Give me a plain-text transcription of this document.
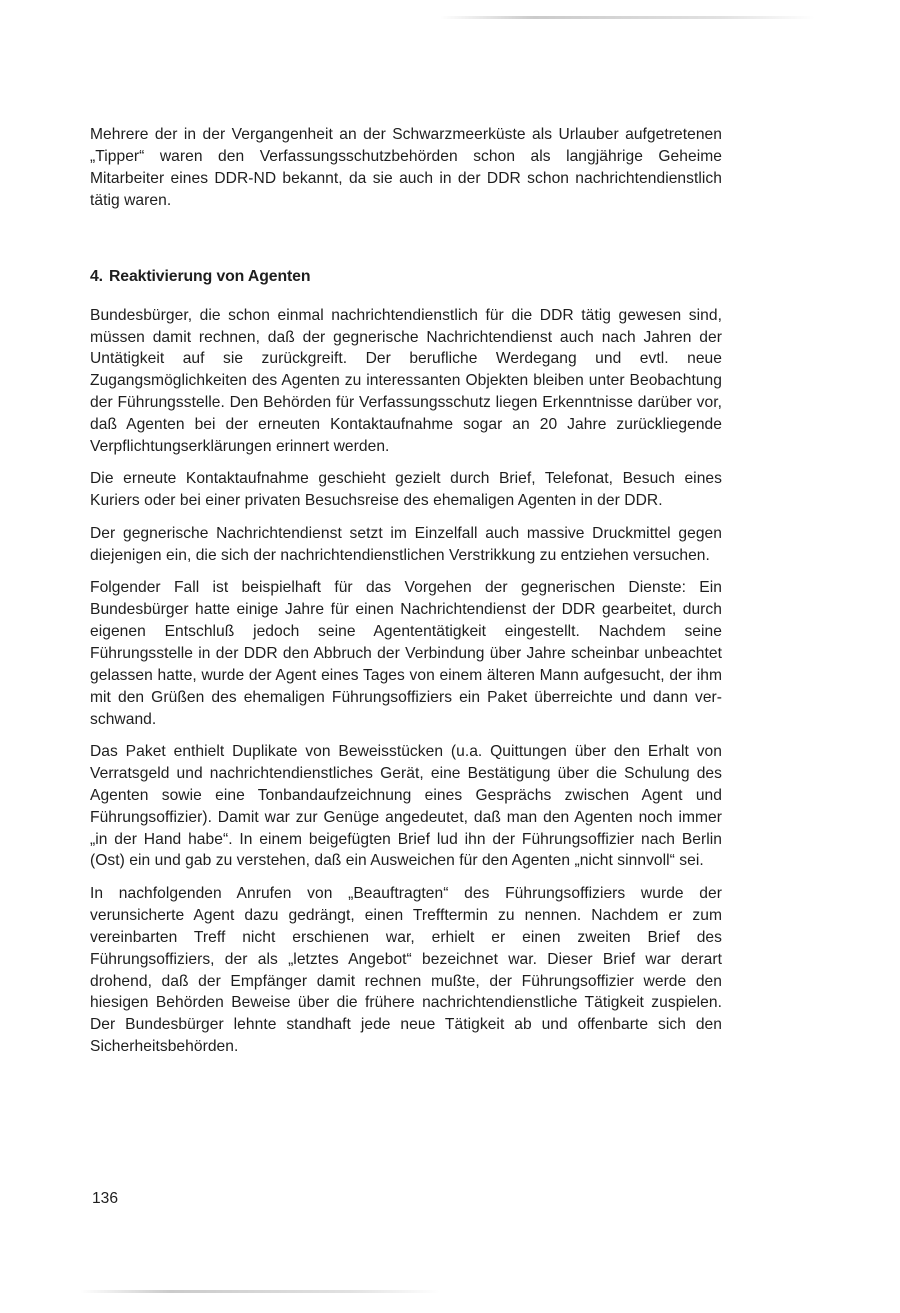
Mehrere der in der Vergangenheit an der Schwarzmeerküste als Urlauber aufgetretenen „Tipper“ waren den Verfassungsschutzbehörden schon als langjährige Geheime Mitarbeiter eines DDR-ND bekannt, da sie auch in der DDR schon nachrichtendienstlich tätig waren.

4. Reaktivierung von Agenten

Bundesbürger, die schon einmal nachrichtendienstlich für die DDR tätig gewesen sind, müssen damit rechnen, daß der gegnerische Nachrichtendienst auch nach Jahren der Untätigkeit auf sie zurückgreift. Der berufliche Werdegang und evtl. neue Zugangsmöglichkeiten des Agenten zu interessanten Objekten bleiben unter Beobachtung der Führungsstelle. Den Behörden für Verfassungsschutz liegen Erkenntnisse darüber vor, daß Agenten bei der erneuten Kontaktaufnahme sogar an 20 Jahre zurückliegende Verpflichtungserklärungen erinnert werden.

Die erneute Kontaktaufnahme geschieht gezielt durch Brief, Telefonat, Besuch eines Kuriers oder bei einer privaten Besuchsreise des ehemaligen Agenten in der DDR.

Der gegnerische Nachrichtendienst setzt im Einzelfall auch massive Druckmittel gegen diejenigen ein, die sich der nachrichtendienstlichen Verstrikkung zu entziehen versuchen.

Folgender Fall ist beispielhaft für das Vorgehen der gegnerischen Dienste: Ein Bundesbürger hatte einige Jahre für einen Nachrichtendienst der DDR gearbeitet, durch eigenen Entschluß jedoch seine Agententätigkeit eingestellt. Nachdem seine Führungsstelle in der DDR den Abbruch der Verbindung über Jahre scheinbar unbeachtet gelassen hatte, wurde der Agent eines Tages von einem älteren Mann aufgesucht, der ihm mit den Grüßen des ehemaligen Führungsoffiziers ein Paket überreichte und dann verschwand.

Das Paket enthielt Duplikate von Beweisstücken (u.a. Quittungen über den Erhalt von Verratsgeld und nachrichtendienstliches Gerät, eine Bestätigung über die Schulung des Agenten sowie eine Tonbandaufzeichnung eines Gesprächs zwischen Agent und Führungsoffizier). Damit war zur Genüge angedeutet, daß man den Agenten noch immer „in der Hand habe“. In einem beigefügten Brief lud ihn der Führungsoffizier nach Berlin (Ost) ein und gab zu verstehen, daß ein Ausweichen für den Agenten „nicht sinnvoll“ sei.

In nachfolgenden Anrufen von „Beauftragten“ des Führungsoffiziers wurde der verunsicherte Agent dazu gedrängt, einen Trefftermin zu nennen. Nachdem er zum vereinbarten Treff nicht erschienen war, erhielt er einen zweiten Brief des Führungsoffiziers, der als „letztes Angebot“ bezeichnet war. Dieser Brief war derart drohend, daß der Empfänger damit rechnen mußte, der Führungsoffizier werde den hiesigen Behörden Beweise über die frühere nachrichtendienstliche Tätigkeit zuspielen. Der Bundesbürger lehnte standhaft jede neue Tätigkeit ab und offenbarte sich den Sicherheitsbehörden.

136
